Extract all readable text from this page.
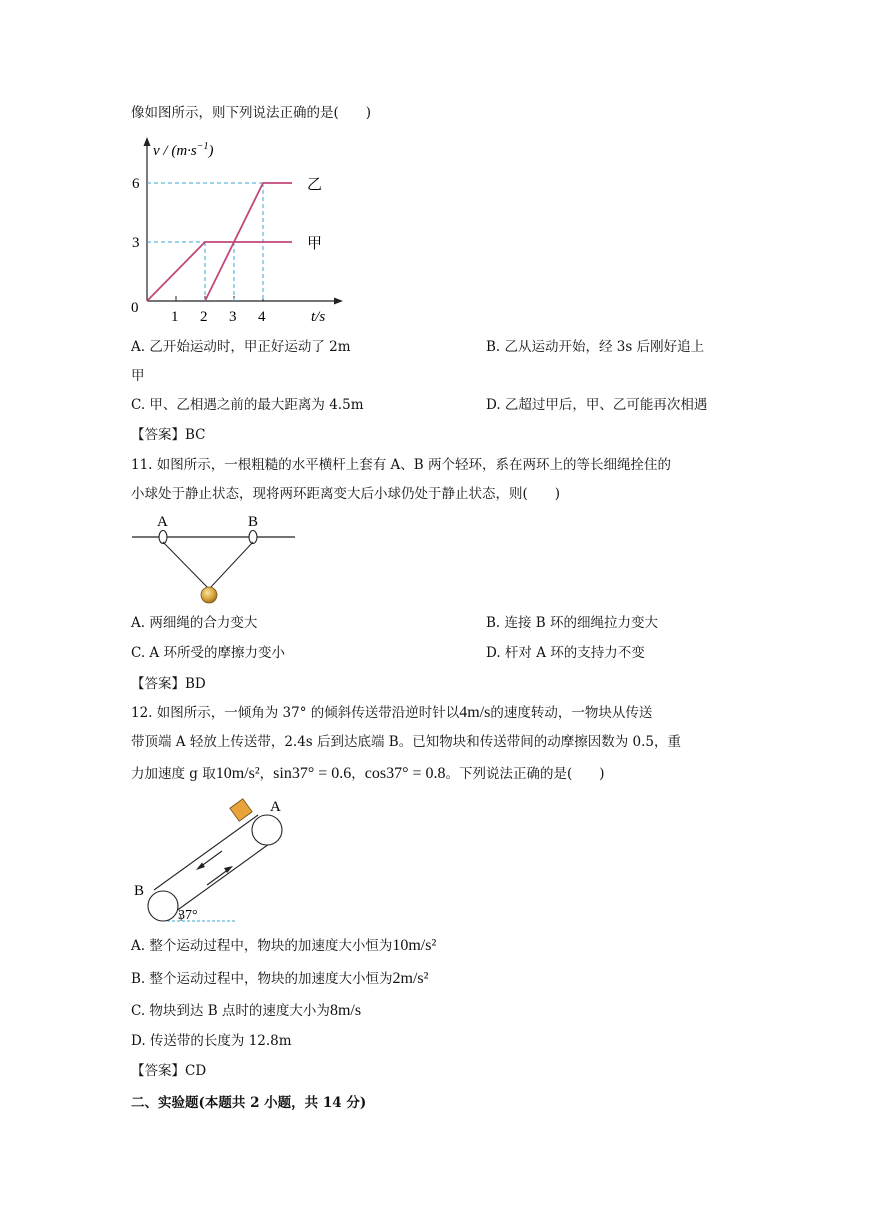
像如图所示，则下列说法正确的是(　　)
$v / (m\cdot s^{-1})$
0
3
6
1 2 3 4	t/s
乙
甲
A. 乙开始运动时，甲正好运动了 2m	B. 乙从运动开始，经 3s 后刚好追上
甲
C. 甲、乙相遇之前的最大距离为 4.5m	D. 乙超过甲后，甲、乙可能再次相遇
【答案】BC
11. 如图所示，一根粗糙的水平横杆上套有 A、B 两个轻环，系在两环上的等长细绳拴住的
小球处于静止状态，现将两环距离变大后小球仍处于静止状态，则(　　)
A	B
A. 两细绳的合力变大	B. 连接 B 环的细绳拉力变大
C. A 环所受的摩擦力变小	D. 杆对 A 环的支持力不变
【答案】BD
12. 如图所示，一倾角为 37° 的倾斜传送带沿逆时针以4m/s的速度转动，一物块从传送
带顶端 A 轻放上传送带，2.4s 后到达底端 B。已知物块和传送带间的动摩擦因数为 0.5，重
力加速度 g 取10m/s²，sin37° = 0.6，cos37° = 0.8。下列说法正确的是(　　)
37°
A
B
A. 整个运动过程中，物块的加速度大小恒为10m/s²
B. 整个运动过程中，物块的加速度大小恒为2m/s²
C. 物块到达 B 点时的速度大小为8m/s
D. 传送带的长度为 12.8m
【答案】CD
二、实验题(本题共 2 小题，共 14 分)
